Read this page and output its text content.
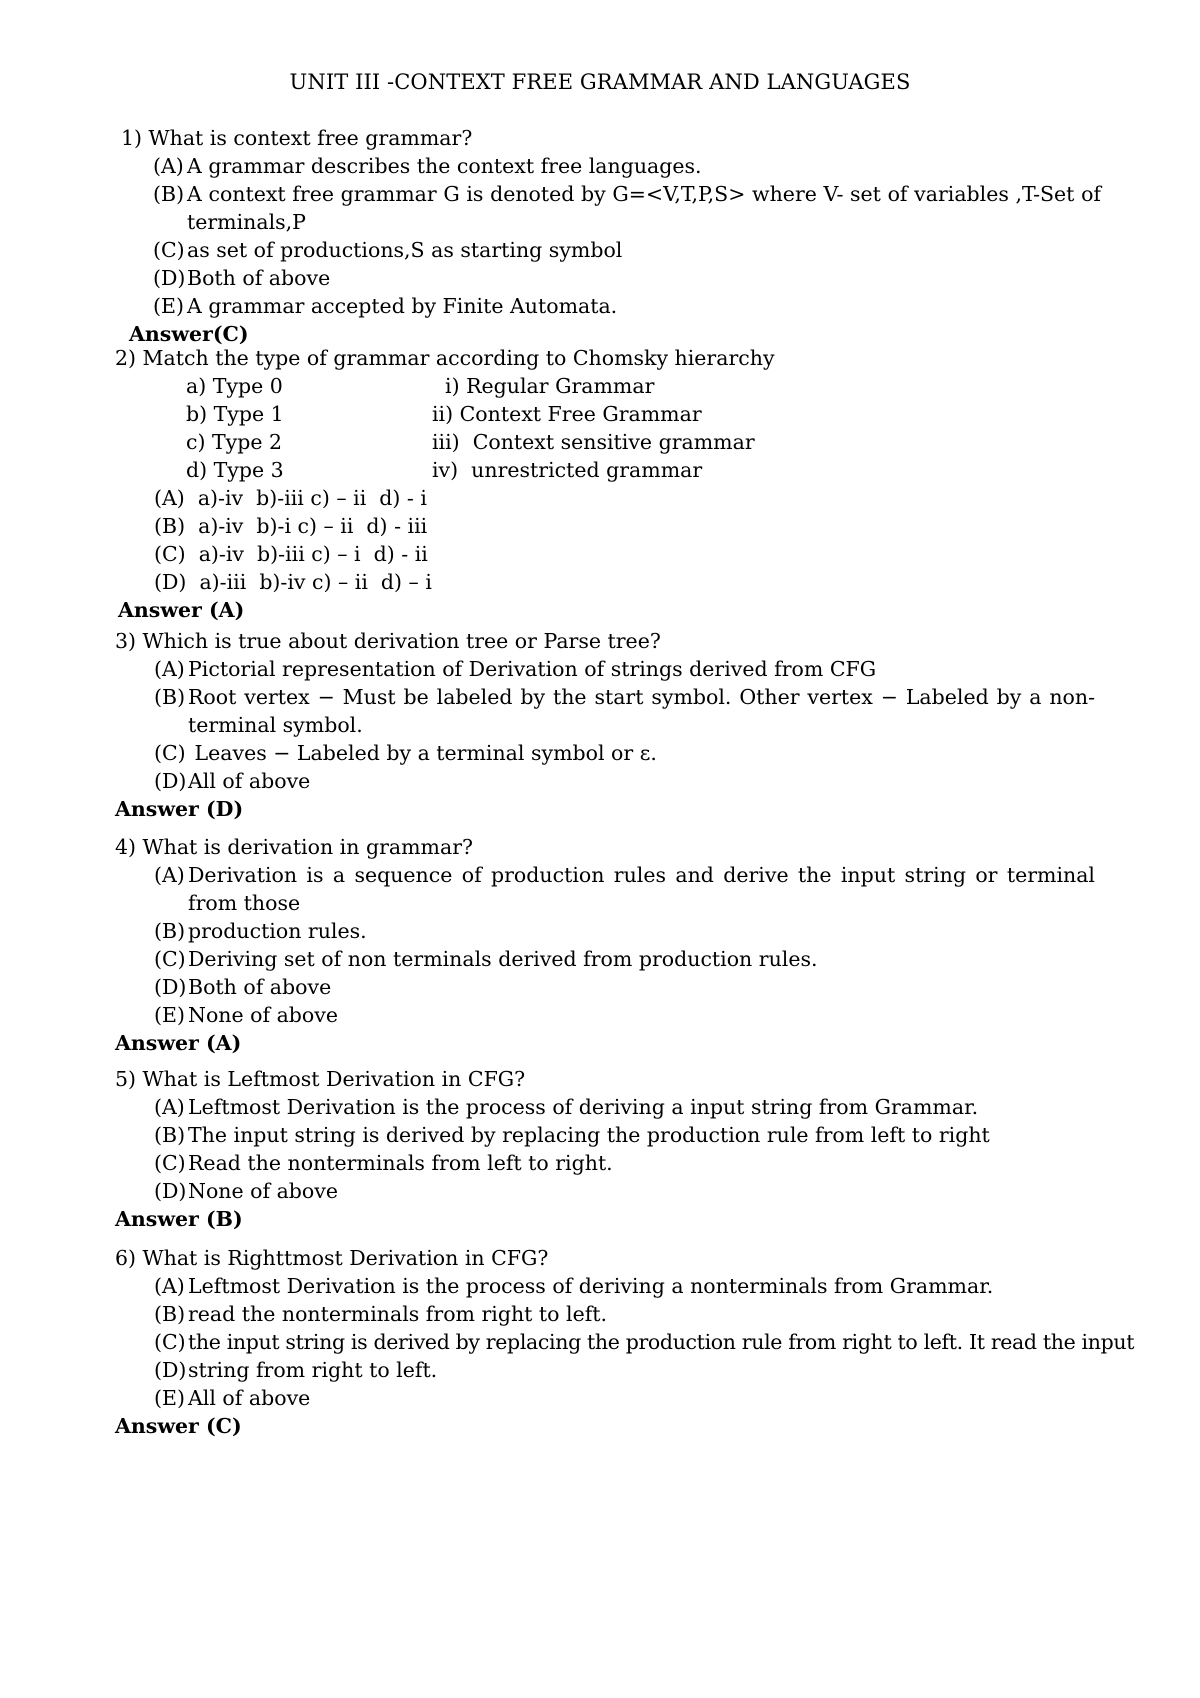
UNIT III -CONTEXT FREE GRAMMAR AND LANGUAGES
1) What is context free grammar?
(A) A grammar describes the context free languages.
(B) A context free grammar G is denoted by G=<V,T,P,S> where V- set of variables ,T-Set of terminals,P
(C) as set of productions,S as starting symbol
(D) Both of above
(E) A grammar accepted by Finite Automata.
Answer(C)
2) Match the type of grammar according to Chomsky hierarchy
a) Type 0	i) Regular Grammar
b) Type 1	ii) Context Free Grammar
c) Type 2	iii)  Context sensitive grammar
d) Type 3	iv)  unrestricted grammar
(A)  a)-iv  b)-iii c) – ii  d) - i
(B)  a)-iv  b)-i c) – ii  d) - iii
(C)  a)-iv  b)-iii c) – i  d) - ii
(D)  a)-iii  b)-iv c) – ii  d) – i
Answer (A)
3) Which is true about derivation tree or Parse tree?
(A) Pictorial representation of Derivation of strings derived from CFG
(B) Root vertex − Must be labeled by the start symbol. Other vertex − Labeled by a non-terminal symbol.
(C) Leaves − Labeled by a terminal symbol or ε.
(D) All of above
Answer (D)
4) What is derivation in grammar?
(A) Derivation is a sequence of production rules and derive the input string or terminal from those
(B) production rules.
(C) Deriving set of non terminals derived from production rules.
(D) Both of above
(E) None of above
Answer (A)
5) What is Leftmost Derivation in CFG?
(A) Leftmost Derivation is the process of deriving a input string from Grammar.
(B) The input string is derived by replacing the production rule from left to right
(C) Read the nonterminals from left to right.
(D) None of above
Answer (B)
6) What is Righttmost Derivation in CFG?
(A) Leftmost Derivation is the process of deriving a nonterminals from Grammar.
(B) read the nonterminals from right to left.
(C) the input string is derived by replacing the production rule from right to left. It read the input
(D) string from right to left.
(E) All of above
Answer (C)
